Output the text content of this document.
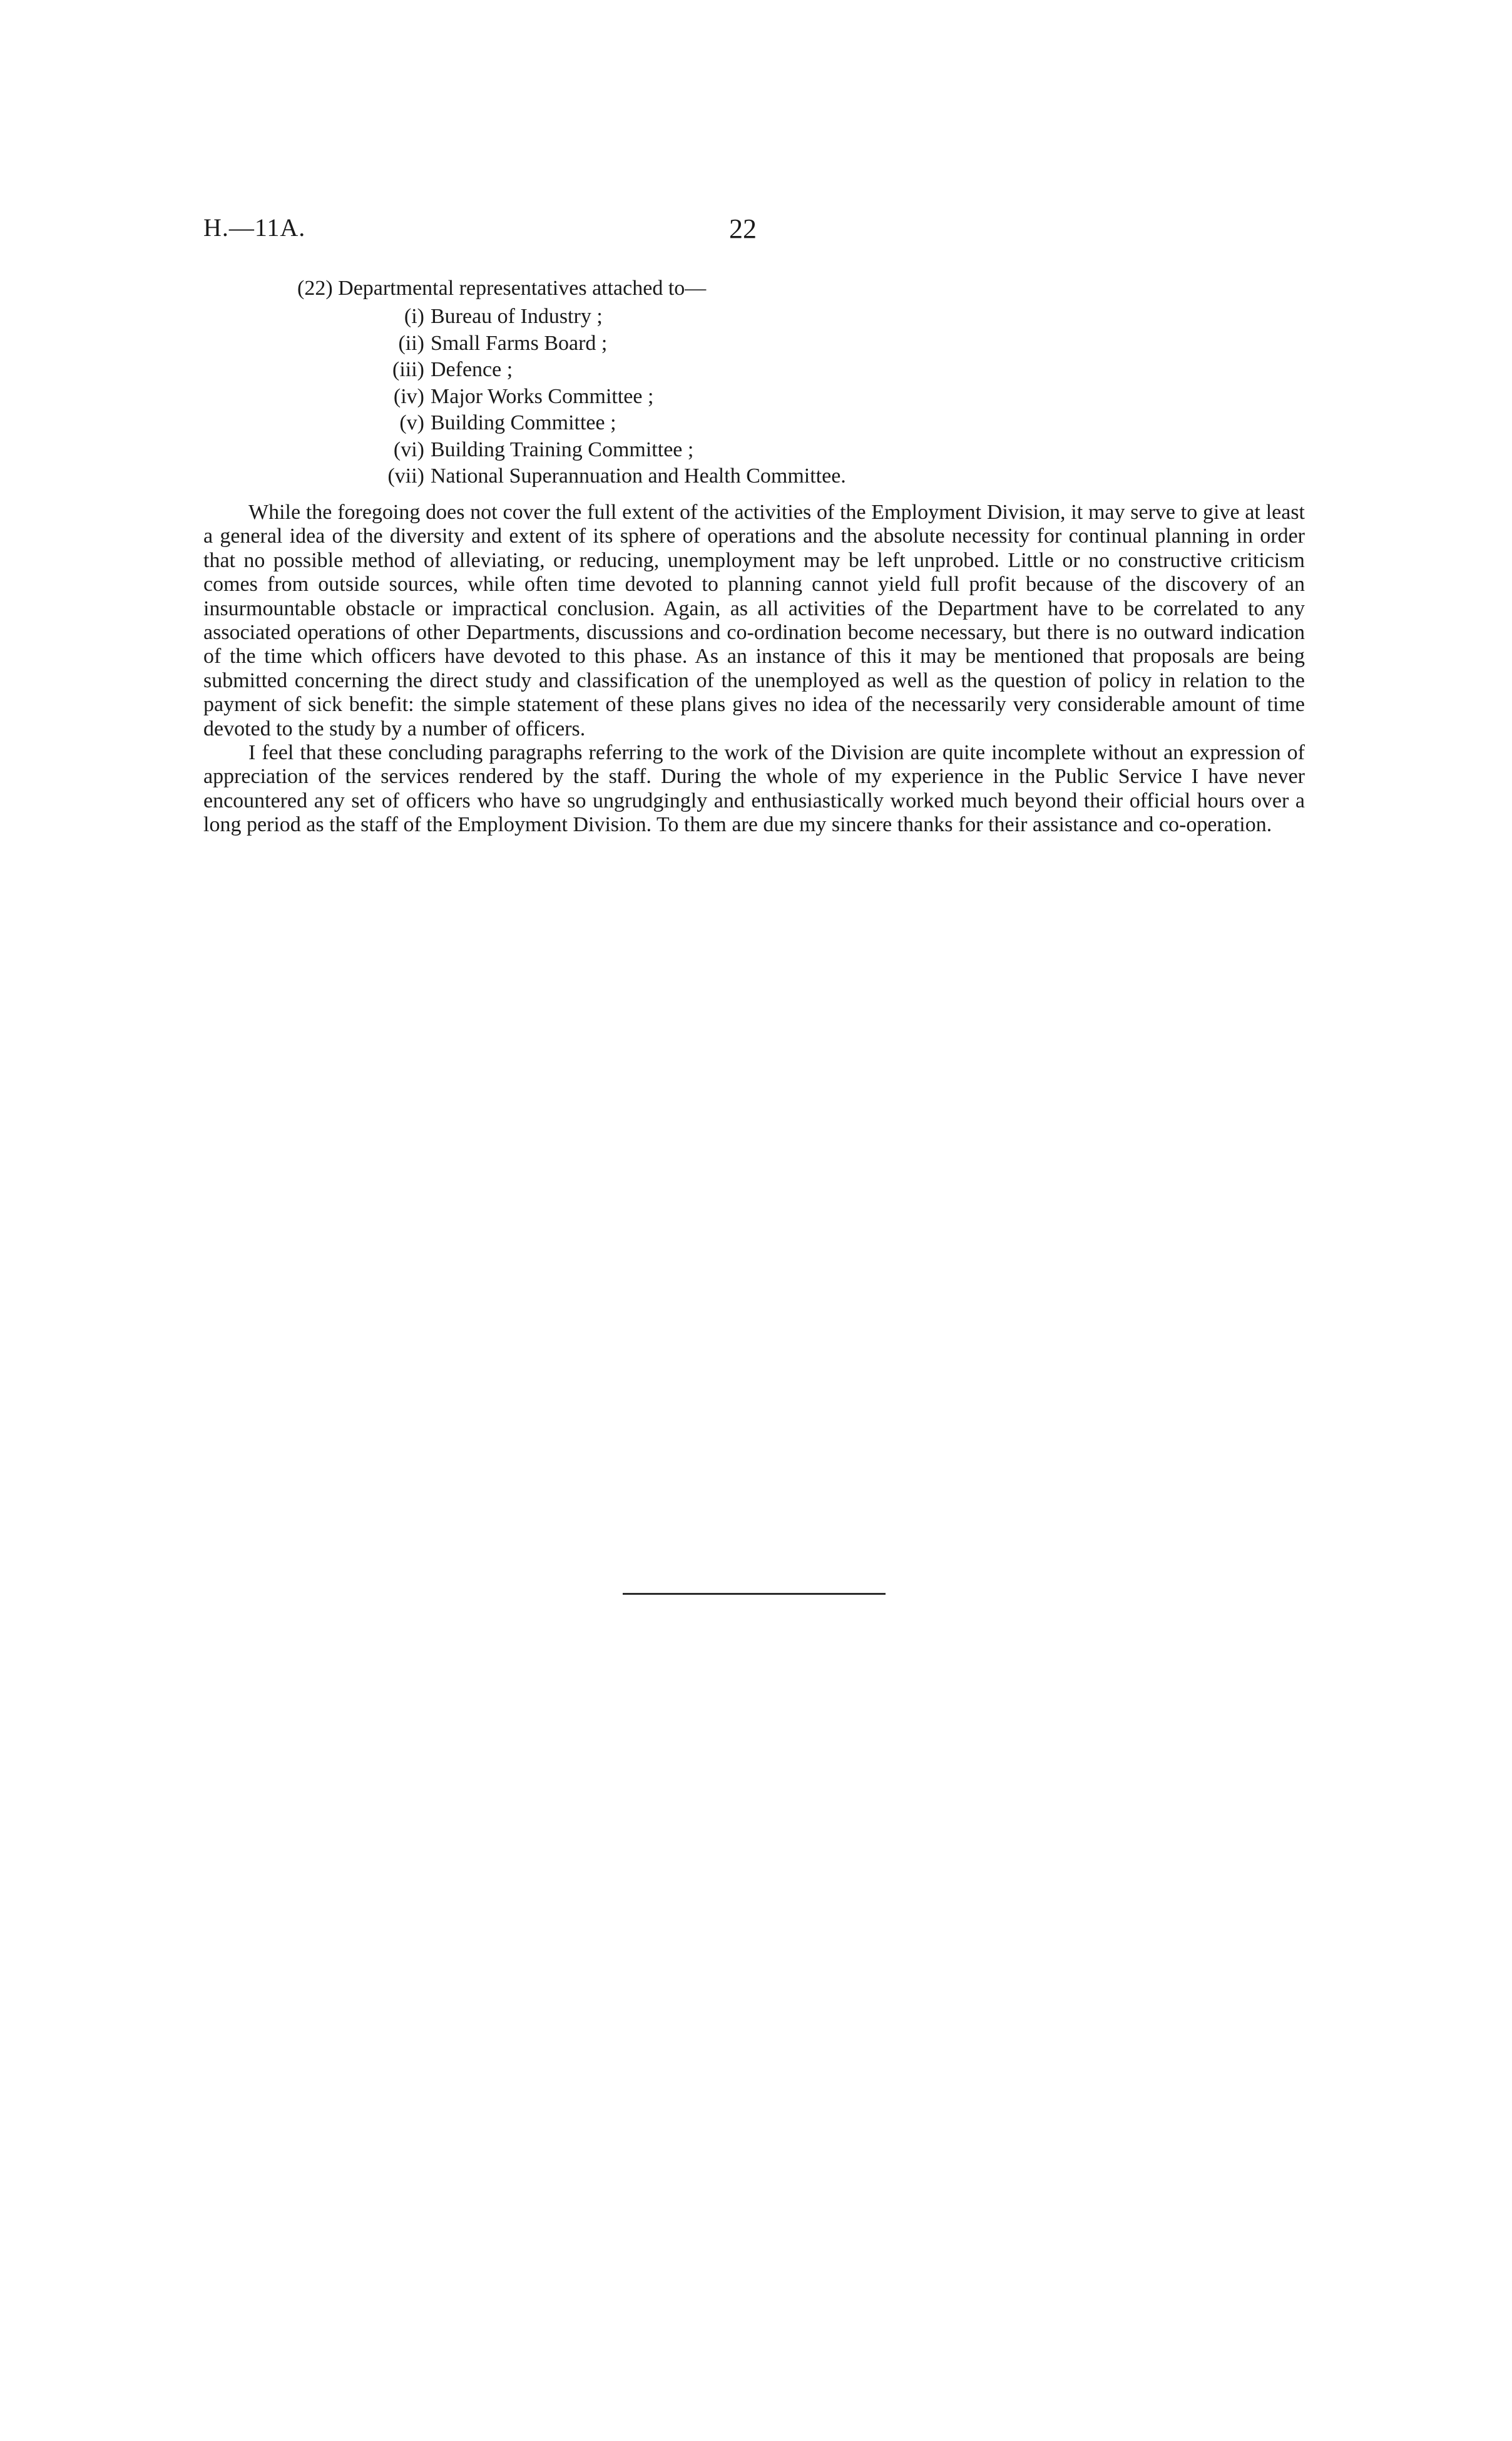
H.—11A.	22
(22) Departmental representatives attached to—
(i) Bureau of Industry ;
(ii) Small Farms Board ;
(iii) Defence ;
(iv) Major Works Committee ;
(v) Building Committee ;
(vi) Building Training Committee ;
(vii) National Superannuation and Health Committee.

While the foregoing does not cover the full extent of the activities of the Employment Division, it may serve to give at least a general idea of the diversity and extent of its sphere of operations and the absolute necessity for continual planning in order that no possible method of alleviating, or reducing, unemployment may be left unprobed. Little or no constructive criticism comes from outside sources, while often time devoted to planning cannot yield full profit because of the discovery of an insurmountable obstacle or impractical conclusion. Again, as all activities of the Department have to be correlated to any associated operations of other Departments, discussions and co-ordination become necessary, but there is no outward indication of the time which officers have devoted to this phase. As an instance of this it may be mentioned that proposals are being submitted concerning the direct study and classification of the unemployed as well as the question of policy in relation to the payment of sick benefit: the simple statement of these plans gives no idea of the necessarily very considerable amount of time devoted to the study by a number of officers.

I feel that these concluding paragraphs referring to the work of the Division are quite incomplete without an expression of appreciation of the services rendered by the staff. During the whole of my experience in the Public Service I have never encountered any set of officers who have so ungrudgingly and enthusiastically worked much beyond their official hours over a long period as the staff of the Employment Division. To them are due my sincere thanks for their assistance and co-operation.
